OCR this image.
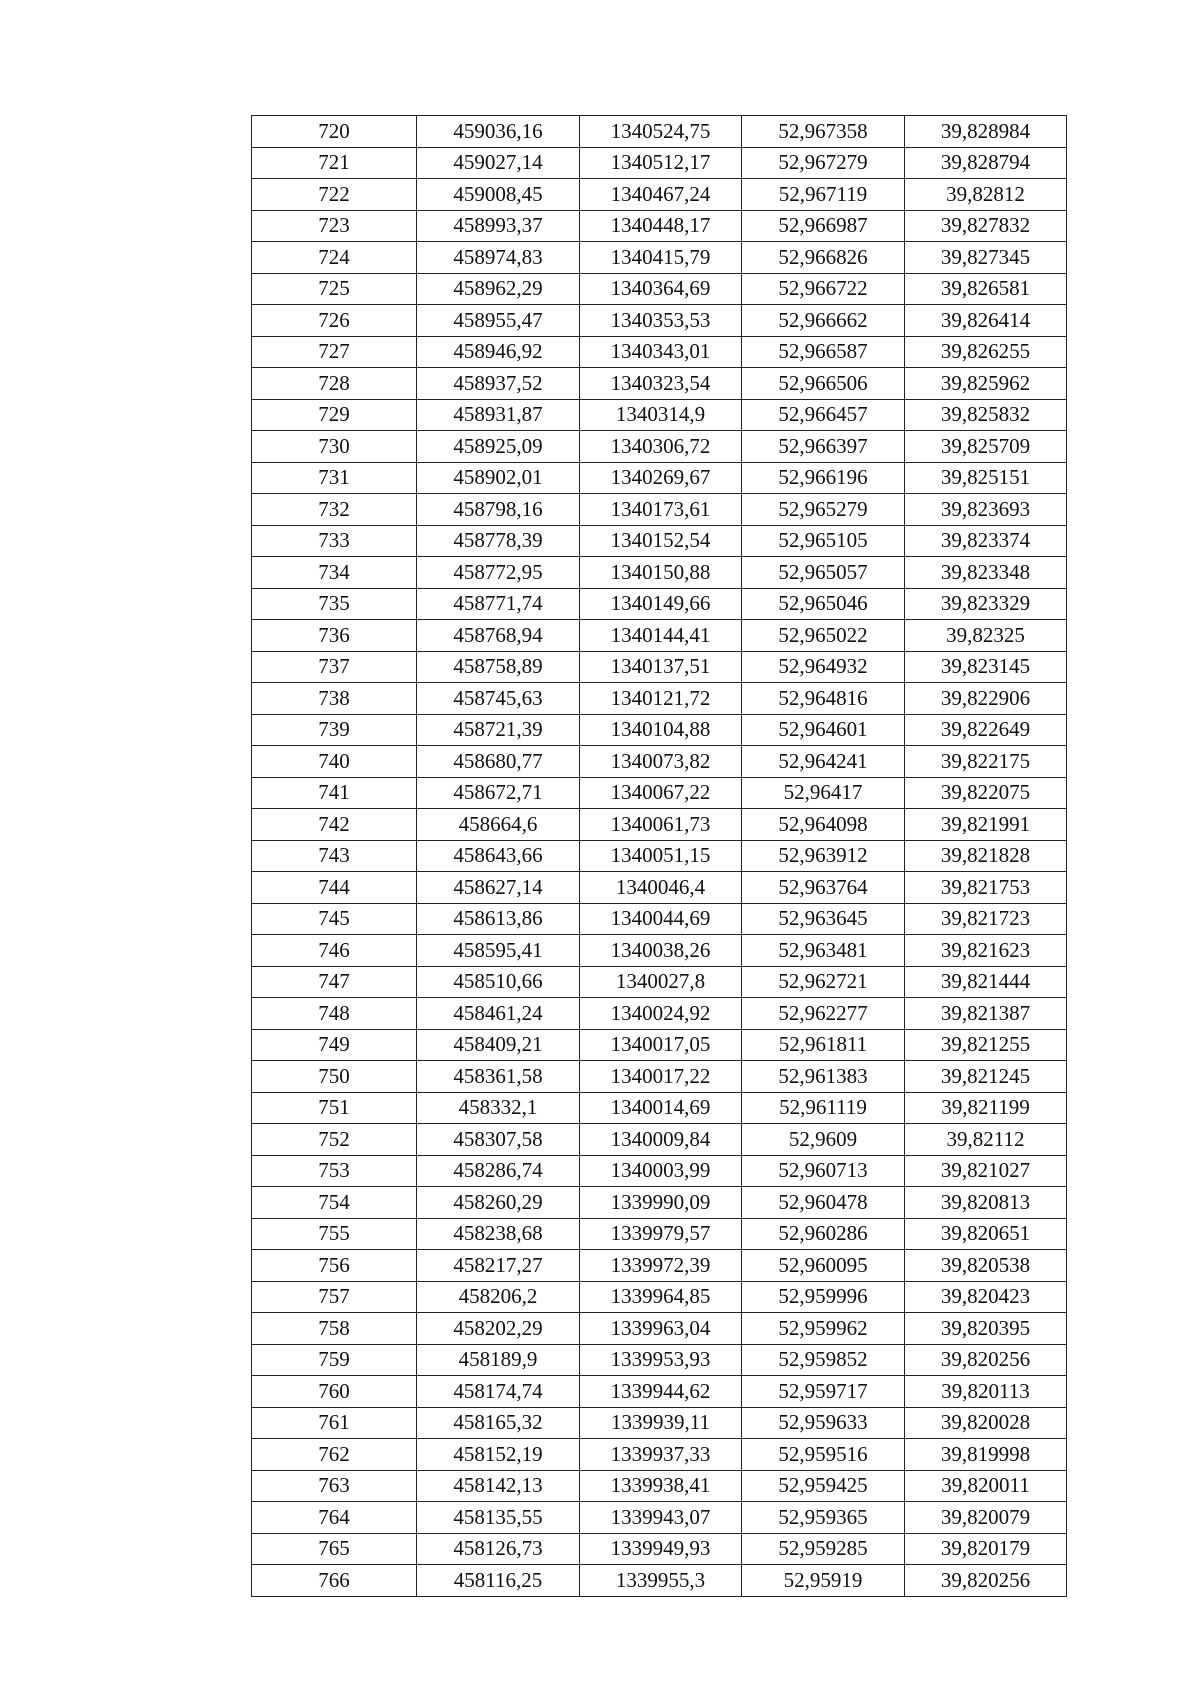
720	459036,16	1340524,75	52,967358	39,828984
721	459027,14	1340512,17	52,967279	39,828794
722	459008,45	1340467,24	52,967119	39,82812
723	458993,37	1340448,17	52,966987	39,827832
724	458974,83	1340415,79	52,966826	39,827345
725	458962,29	1340364,69	52,966722	39,826581
726	458955,47	1340353,53	52,966662	39,826414
727	458946,92	1340343,01	52,966587	39,826255
728	458937,52	1340323,54	52,966506	39,825962
729	458931,87	1340314,9	52,966457	39,825832
730	458925,09	1340306,72	52,966397	39,825709
731	458902,01	1340269,67	52,966196	39,825151
732	458798,16	1340173,61	52,965279	39,823693
733	458778,39	1340152,54	52,965105	39,823374
734	458772,95	1340150,88	52,965057	39,823348
735	458771,74	1340149,66	52,965046	39,823329
736	458768,94	1340144,41	52,965022	39,82325
737	458758,89	1340137,51	52,964932	39,823145
738	458745,63	1340121,72	52,964816	39,822906
739	458721,39	1340104,88	52,964601	39,822649
740	458680,77	1340073,82	52,964241	39,822175
741	458672,71	1340067,22	52,96417	39,822075
742	458664,6	1340061,73	52,964098	39,821991
743	458643,66	1340051,15	52,963912	39,821828
744	458627,14	1340046,4	52,963764	39,821753
745	458613,86	1340044,69	52,963645	39,821723
746	458595,41	1340038,26	52,963481	39,821623
747	458510,66	1340027,8	52,962721	39,821444
748	458461,24	1340024,92	52,962277	39,821387
749	458409,21	1340017,05	52,961811	39,821255
750	458361,58	1340017,22	52,961383	39,821245
751	458332,1	1340014,69	52,961119	39,821199
752	458307,58	1340009,84	52,9609	39,82112
753	458286,74	1340003,99	52,960713	39,821027
754	458260,29	1339990,09	52,960478	39,820813
755	458238,68	1339979,57	52,960286	39,820651
756	458217,27	1339972,39	52,960095	39,820538
757	458206,2	1339964,85	52,959996	39,820423
758	458202,29	1339963,04	52,959962	39,820395
759	458189,9	1339953,93	52,959852	39,820256
760	458174,74	1339944,62	52,959717	39,820113
761	458165,32	1339939,11	52,959633	39,820028
762	458152,19	1339937,33	52,959516	39,819998
763	458142,13	1339938,41	52,959425	39,820011
764	458135,55	1339943,07	52,959365	39,820079
765	458126,73	1339949,93	52,959285	39,820179
766	458116,25	1339955,3	52,95919	39,820256
